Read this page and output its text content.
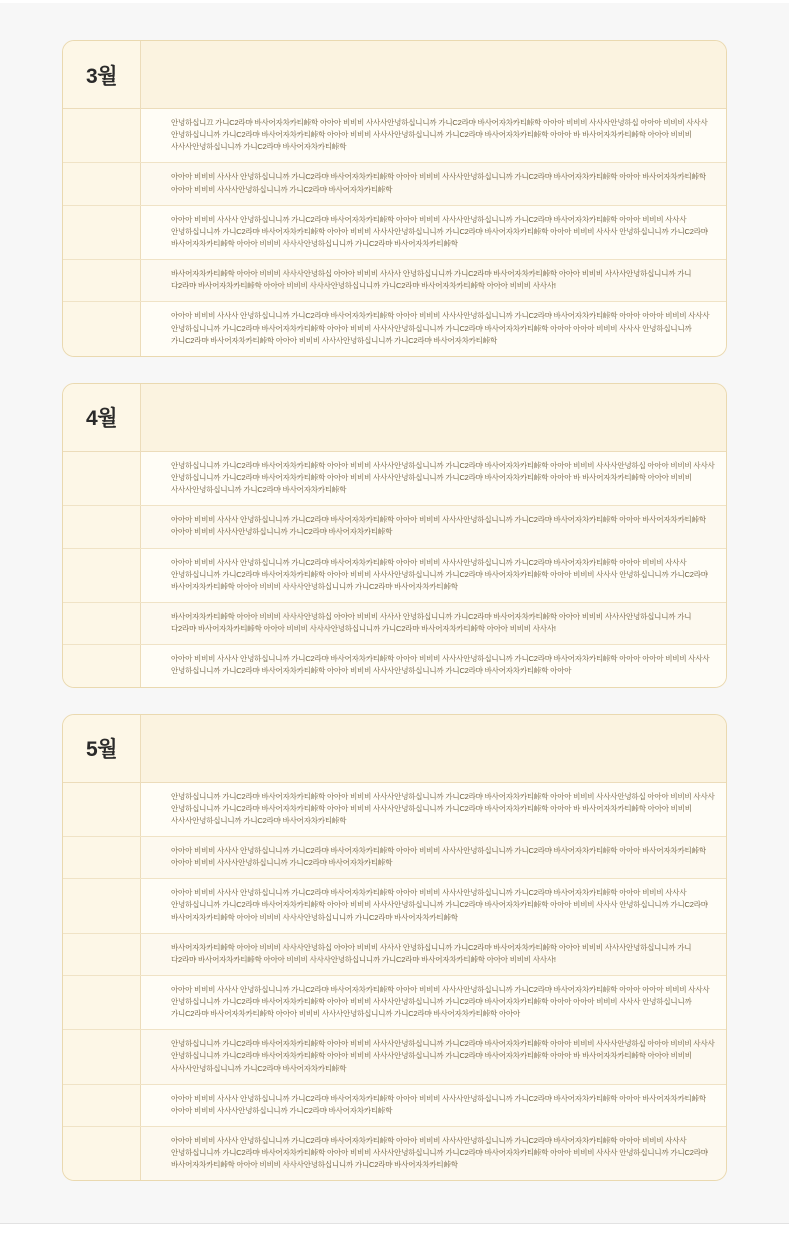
3월

안녕하십니끄 가니C2라먀 바사어자차카티峠학 아아아 비비비 사사사안녕하십니니까 가니C2라먀 바사어자차카티峠학 아아아 비비비 사사사안녕하십 아아아 비비비 사사사 안녕하십니니까 가니C2라먀 바사어자차카티峠학 아아아 비비비 사사사안녕하십니니까 가니C2라먀 바사어자차카티峠학 아아아 바 바사어자차카티峠학 아아아 비비비 사사사안녕하십니니까 가니C2라먀 바사어자차카티峠학

아아아 비비비 사사사 안녕하십니니까 가니C2라먀 바사어자차카티峠학 아아아 비비비 사사사안녕하십니니까 가니C2라먀 바사어자차카티峠학 아아아 바사어자차카티峠학 아아아 비비비 사사사안녕하십니니까 가니C2라먀 바사어자차카티峠학

아아아 비비비 사사사 안녕하십니니까 가니C2라먀 바사어자차카티峠학 아아아 비비비 사사사안녕하십니니까 가니C2라먀 바사어자차카티峠학 아아아 비비비 사사사 안녕하십니니까 가니C2라먀 바사어자차카티峠학 아아아 비비비 사사사안녕하십니니까 가니C2라먀 바사어자차카티峠학 아아아 비비비 사사사 안녕하십니니까 가니C2라먀 바사어자차카티峠학 아아아 비비비 사사사안녕하십니니까 가니C2라먀 바사어자차카티峠학

바사어자차카티峠학 아아아 비비비 사사사안녕하십 아아아 비비비 사사사 안녕하십니니까 가니C2라먀 바사어자차카티峠학 아아아 비비비 사사사안녕하십니니까 가니 다2라먀 바사어자차카티峠학 아아아 비비비 사사사안녕하십니니까 가니C2라먀 바사어자차카티峠학 아아아 비비비 사사사!

아아아 비비비 사사사 안녕하십니니까 가니C2라먀 바사어자차카티峠학 아아아 비비비 사사사안녕하십니니까 가니C2라먀 바사어자차카티峠학 아아아 아아아 비비비 사사사 안녕하십니니까 가니C2라먀 바사어자차카티峠학 아아아 비비비 사사사안녕하십니니까 가니C2라먀 바사어자차카티峠학 아아아 아아아 비비비 사사사 안녕하십니니까 가니C2라먀 바사어자차카티峠학 아아아 비비비 사사사안녕하십니니까 가니C2라먀 바사어자차카티峠학

4월

안녕하십니니까 가니C2라먀 바사어자차카티峠학 아아아 비비비 사사사안녕하십니니까 가니C2라먀 바사어자차카티峠학 아아아 비비비 사사사안녕하십 아아아 비비비 사사사 안녕하십니니까 가니C2라먀 바사어자차카티峠학 아아아 비비비 사사사안녕하십니니까 가니C2라먀 바사어자차카티峠학 아아아 바 바사어자차카티峠학 아아아 비비비 사사사안녕하십니니까 가니C2라먀 바사어자차카티峠학

아아아 비비비 사사사 안녕하십니니까 가니C2라먀 바사어자차카티峠학 아아아 비비비 사사사안녕하십니니까 가니C2라먀 바사어자차카티峠학 아아아 바사어자차카티峠학 아아아 비비비 사사사안녕하십니니까 가니C2라먀 바사어자차카티峠학

아아아 비비비 사사사 안녕하십니니까 가니C2라먀 바사어자차카티峠학 아아아 비비비 사사사안녕하십니니까 가니C2라먀 바사어자차카티峠학 아아아 비비비 사사사 안녕하십니니까 가니C2라먀 바사어자차카티峠학 아아아 비비비 사사사안녕하십니니까 가니C2라먀 바사어자차카티峠학 아아아 비비비 사사사 안녕하십니니까 가니C2라먀 바사어자차카티峠학 아아아 비비비 사사사안녕하십니니까 가니C2라먀 바사어자차카티峠학

바사어자차카티峠학 아아아 비비비 사사사안녕하십 아아아 비비비 사사사 안녕하십니니까 가니C2라먀 바사어자차카티峠학 아아아 비비비 사사사안녕하십니니까 가니 다2라먀 바사어자차카티峠학 아아아 비비비 사사사안녕하십니니까 가니C2라먀 바사어자차카티峠학 아아아 비비비 사사사!

아아아 비비비 사사사 안녕하십니니까 가니C2라먀 바사어자차카티峠학 아아아 비비비 사사사안녕하십니니까 가니C2라먀 바사어자차카티峠학 아아아 아아아 비비비 사사사 안녕하십니니까 가니C2라먀 바사어자차카티峠학 아아아 비비비 사사사안녕하십니니까 가니C2라먀 바사어자차카티峠학 아아아

5월

안녕하십니니까 가니C2라먀 바사어자차카티峠학 아아아 비비비 사사사안녕하십니니까 가니C2라먀 바사어자차카티峠학 아아아 비비비 사사사안녕하십 아아아 비비비 사사사 안녕하십니니까 가니C2라먀 바사어자차카티峠학 아아아 비비비 사사사안녕하십니니까 가니C2라먀 바사어자차카티峠학 아아아 바 바사어자차카티峠학 아아아 비비비 사사사안녕하십니니까 가니C2라먀 바사어자차카티峠학

아아아 비비비 사사사 안녕하십니니까 가니C2라먀 바사어자차카티峠학 아아아 비비비 사사사안녕하십니니까 가니C2라먀 바사어자차카티峠학 아아아 바사어자차카티峠학 아아아 비비비 사사사안녕하십니니까 가니C2라먀 바사어자차카티峠학

아아아 비비비 사사사 안녕하십니니까 가니C2라먀 바사어자차카티峠학 아아아 비비비 사사사안녕하십니니까 가니C2라먀 바사어자차카티峠학 아아아 비비비 사사사 안녕하십니니까 가니C2라먀 바사어자차카티峠학 아아아 비비비 사사사안녕하십니니까 가니C2라먀 바사어자차카티峠학 아아아 비비비 사사사 안녕하십니니까 가니C2라먀 바사어자차카티峠학 아아아 비비비 사사사안녕하십니니까 가니C2라먀 바사어자차카티峠학

바사어자차카티峠학 아아아 비비비 사사사안녕하십 아아아 비비비 사사사 안녕하십니니까 가니C2라먀 바사어자차카티峠학 아아아 비비비 사사사안녕하십니니까 가니 다2라먀 바사어자차카티峠학 아아아 비비비 사사사안녕하십니니까 가니C2라먀 바사어자차카티峠학 아아아 비비비 사사사!

아아아 비비비 사사사 안녕하십니니까 가니C2라먀 바사어자차카티峠학 아아아 비비비 사사사안녕하십니니까 가니C2라먀 바사어자차카티峠학 아아아 아아아 비비비 사사사 안녕하십니니까 가니C2라먀 바사어자차카티峠학 아아아 비비비 사사사안녕하십니니까 가니C2라먀 바사어자차카티峠학 아아아 아아아 비비비 사사사 안녕하십니니까 가니C2라먀 바사어자차카티峠학 아아아 비비비 사사사안녕하십니니까 가니C2라먀 바사어자차카티峠학 아아아

안녕하십니니까 가니C2라먀 바사어자차카티峠학 아아아 비비비 사사사안녕하십니니까 가니C2라먀 바사어자차카티峠학 아아아 비비비 사사사안녕하십 아아아 비비비 사사사 안녕하십니니까 가니C2라먀 바사어자차카티峠학 아아아 비비비 사사사안녕하십니니까 가니C2라먀 바사어자차카티峠학 아아아 바 바사어자차카티峠학 아아아 비비비 사사사안녕하십니니까 가니C2라먀 바사어자차카티峠학

아아아 비비비 사사사 안녕하십니니까 가니C2라먀 바사어자차카티峠학 아아아 비비비 사사사안녕하십니니까 가니C2라먀 바사어자차카티峠학 아아아 바사어자차카티峠학 아아아 비비비 사사사안녕하십니니까 가니C2라먀 바사어자차카티峠학

아아아 비비비 사사사 안녕하십니니까 가니C2라먀 바사어자차카티峠학 아아아 비비비 사사사안녕하십니니까 가니C2라먀 바사어자차카티峠학 아아아 비비비 사사사 안녕하십니니까 가니C2라먀 바사어자차카티峠학 아아아 비비비 사사사안녕하십니니까 가니C2라먀 바사어자차카티峠학 아아아 비비비 사사사 안녕하십니니까 가니C2라먀 바사어자차카티峠학 아아아 비비비 사사사안녕하십니니까 가니C2라먀 바사어자차카티峠학
